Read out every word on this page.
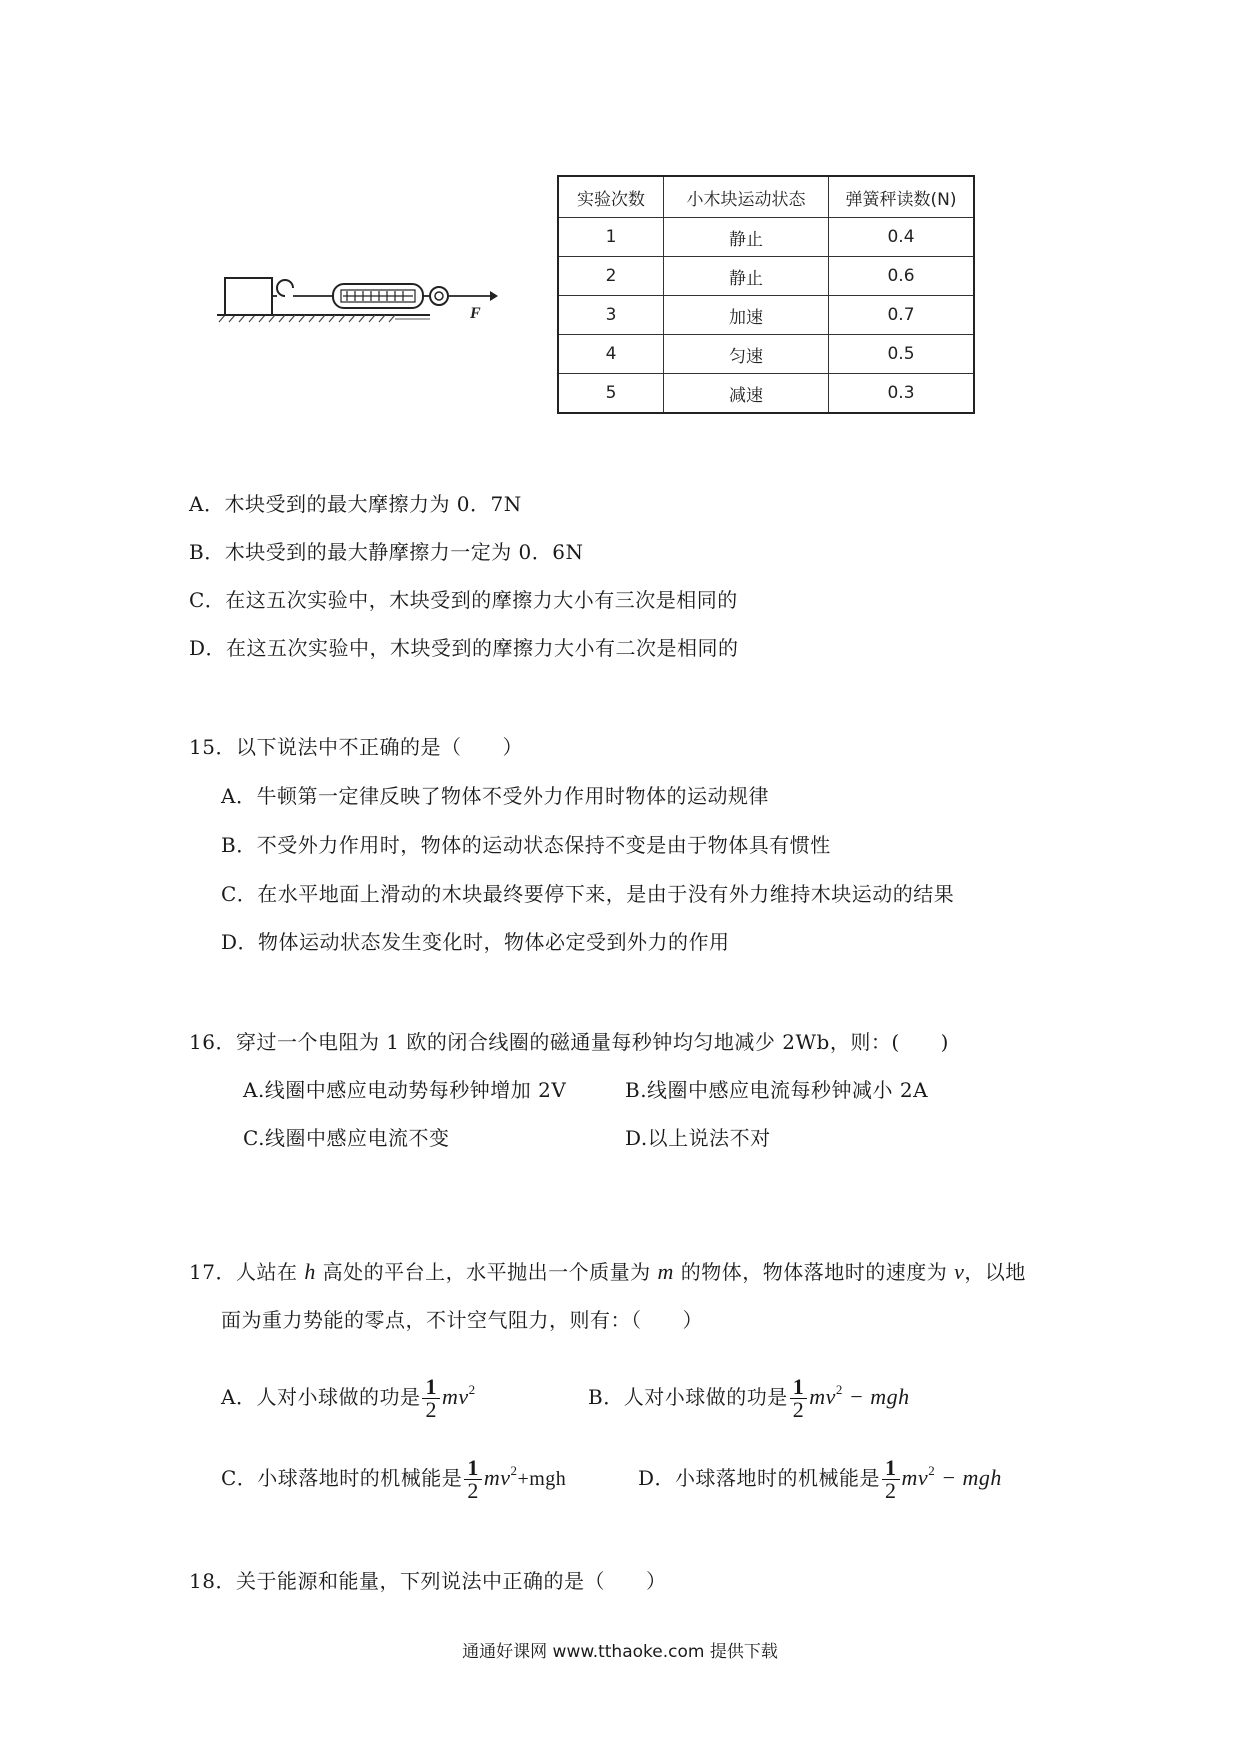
F
实验次数	小木块运动状态	弹簧秤读数(N)
1	静止	0.4
2	静止	0.6
3	加速	0.7
4	匀速	0.5
5	减速	0.3
A．木块受到的最大摩擦力为 0．7N
B．木块受到的最大静摩擦力一定为 0．6N
C．在这五次实验中，木块受到的摩擦力大小有三次是相同的
D．在这五次实验中，木块受到的摩擦力大小有二次是相同的
15．以下说法中不正确的是（　　）
A．牛顿第一定律反映了物体不受外力作用时物体的运动规律
B．不受外力作用时，物体的运动状态保持不变是由于物体具有惯性
C．在水平地面上滑动的木块最终要停下来，是由于没有外力维持木块运动的结果
D．物体运动状态发生变化时，物体必定受到外力的作用
16．穿过一个电阻为 1 欧的闭合线圈的磁通量每秒钟均匀地减少 2Wb，则：(　　)
A.线圈中感应电动势每秒钟增加 2V	B.线圈中感应电流每秒钟减小 2A
C.线圈中感应电流不变	D.以上说法不对
17．人站在 h 高处的平台上，水平抛出一个质量为 m 的物体，物体落地时的速度为 v，以地
面为重力势能的零点，不计空气阻力，则有：（　　）
A．人对小球做的功是 $\frac{1}{2} mv^2$	B．人对小球做的功是 $\frac{1}{2} mv^2$ − mgh
C．小球落地时的机械能是 $\frac{1}{2} mv^2+mgh$	D．小球落地时的机械能是 $\frac{1}{2} mv^2$ − mgh
18．关于能源和能量，下列说法中正确的是（　　）
通通好课网 www.tthaoke.com 提供下载
